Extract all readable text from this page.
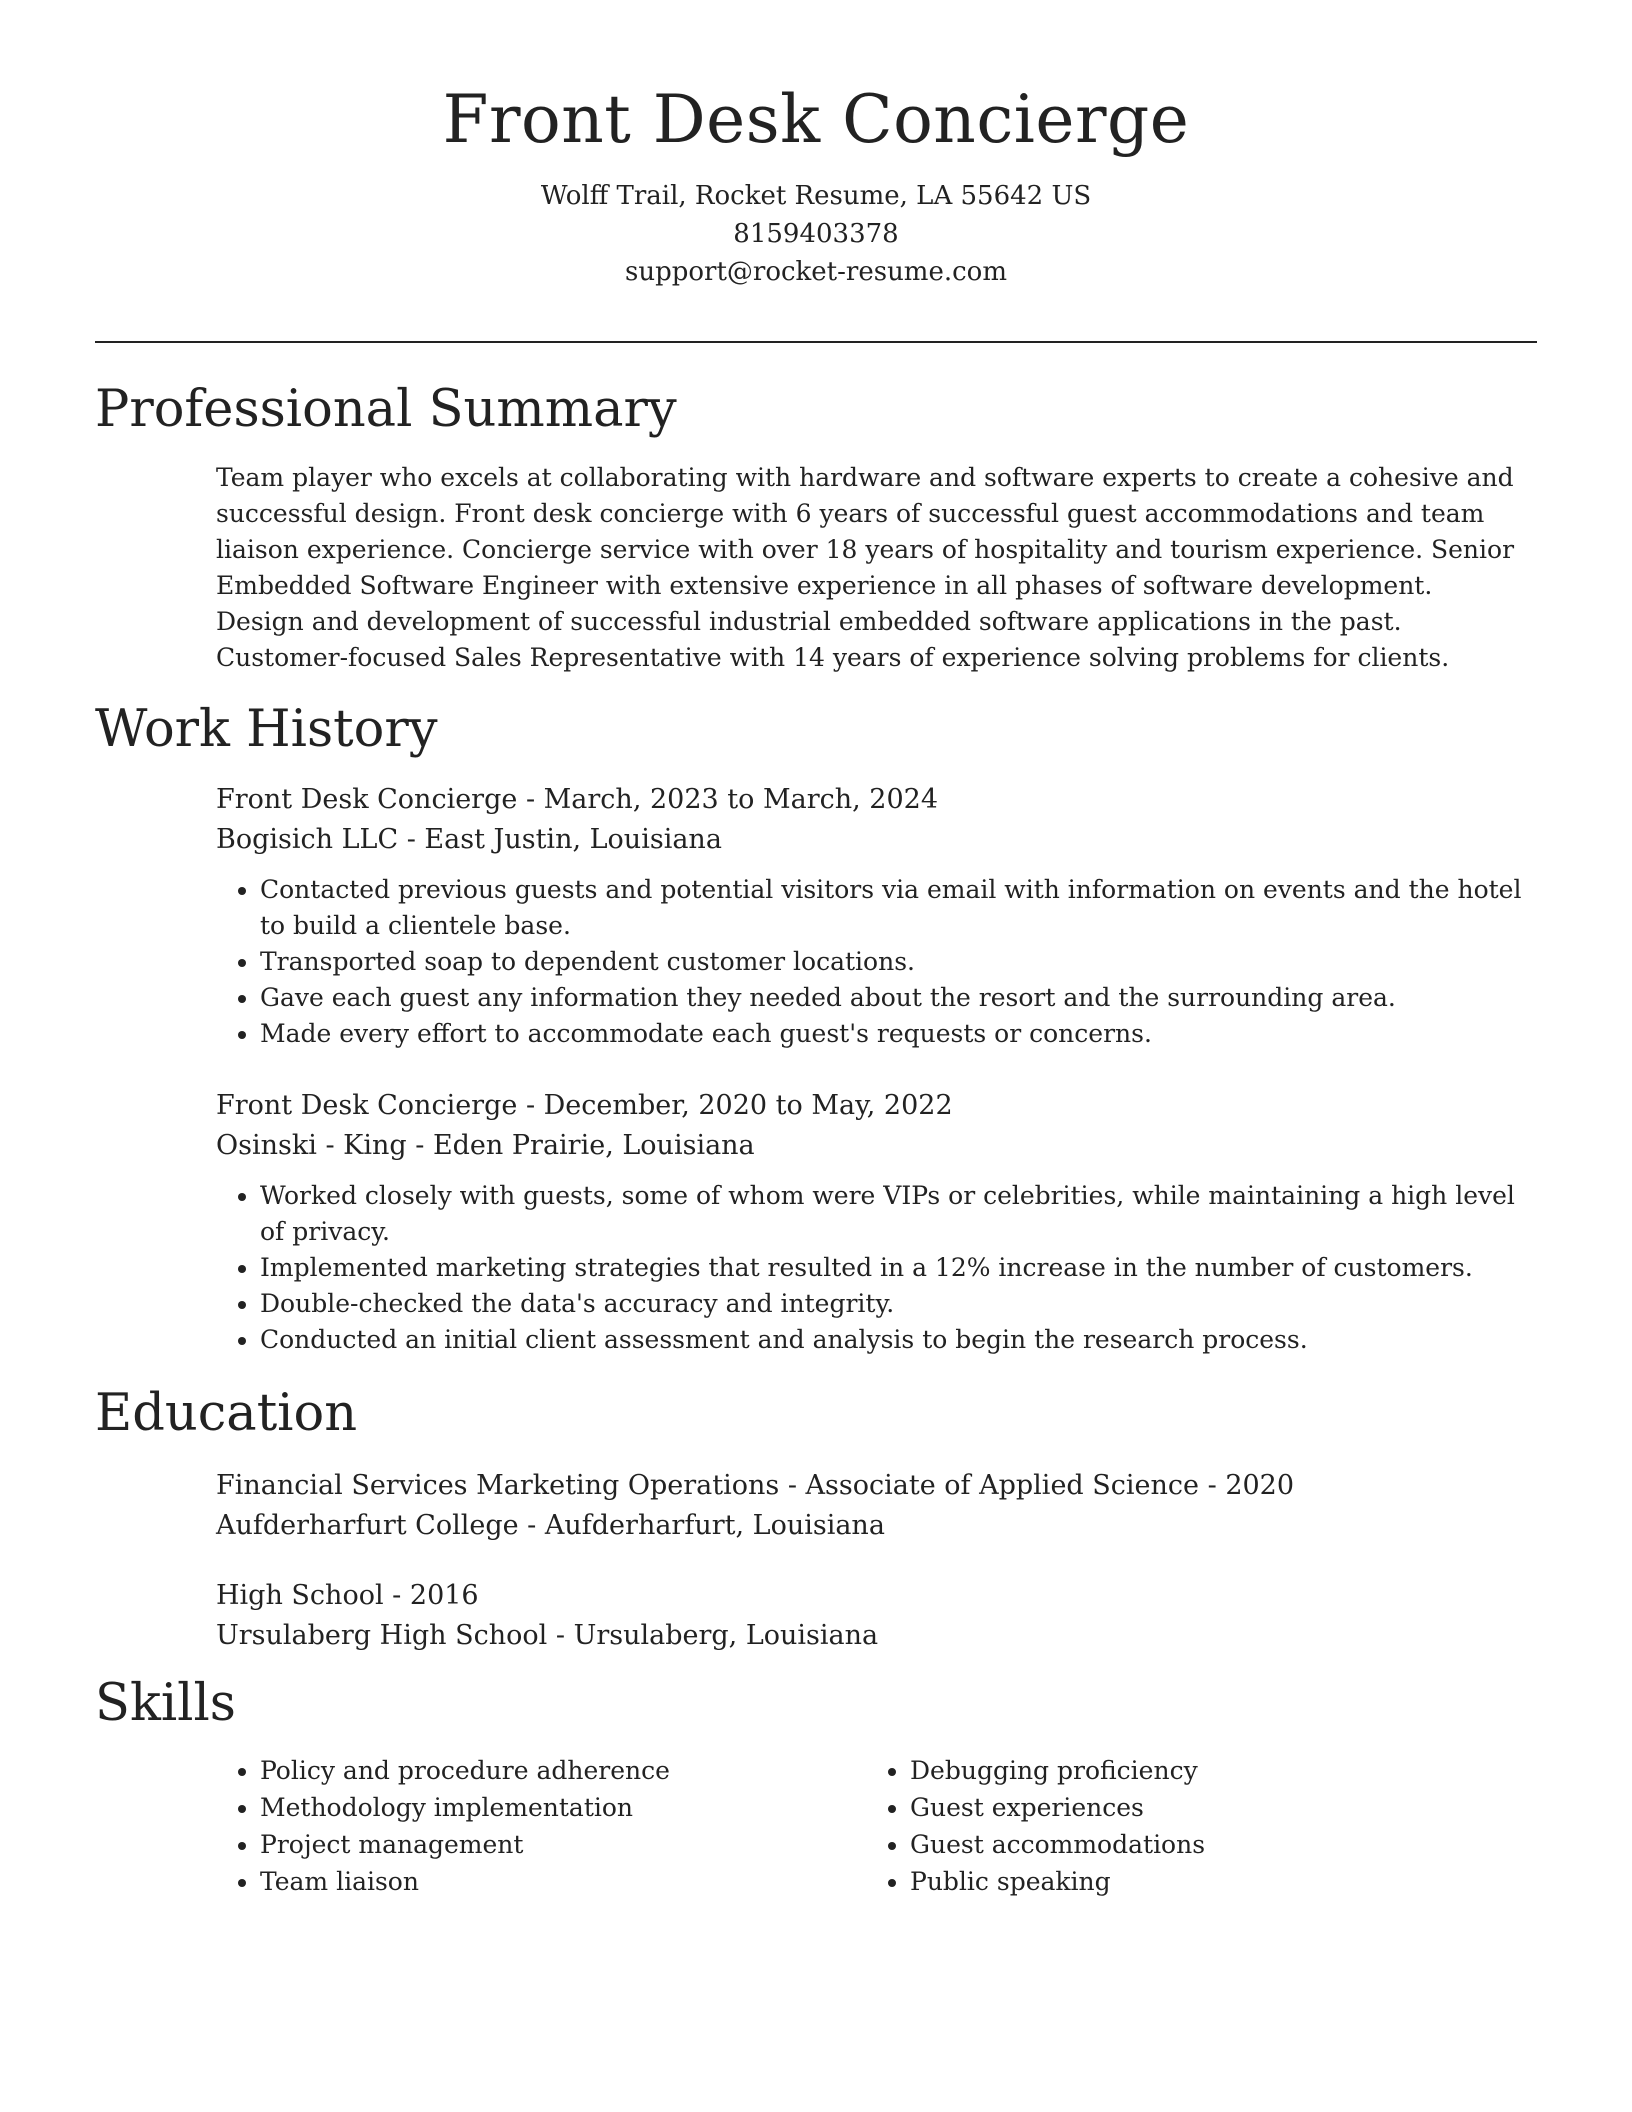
Front Desk Concierge
Wolff Trail, Rocket Resume, LA 55642 US
8159403378
support@rocket-resume.com
Professional Summary

Team player who excels at collaborating with hardware and software experts to create a cohesive and successful design. Front desk concierge with 6 years of successful guest accommodations and team liaison experience. Concierge service with over 18 years of hospitality and tourism experience. Senior Embedded Software Engineer with extensive experience in all phases of software development. Design and development of successful industrial embedded software applications in the past. Customer-focused Sales Representative with 14 years of experience solving problems for clients.

Work History
Front Desk Concierge - March, 2023 to March, 2024
Bogisich LLC - East Justin, Louisiana
• Contacted previous guests and potential visitors via email with information on events and the hotel to build a clientele base.
• Transported soap to dependent customer locations.
• Gave each guest any information they needed about the resort and the surrounding area.
• Made every effort to accommodate each guest's requests or concerns.
Front Desk Concierge - December, 2020 to May, 2022
Osinski - King - Eden Prairie, Louisiana
• Worked closely with guests, some of whom were VIPs or celebrities, while maintaining a high level of privacy.
• Implemented marketing strategies that resulted in a 12% increase in the number of customers.
• Double-checked the data's accuracy and integrity.
• Conducted an initial client assessment and analysis to begin the research process.
Education
Financial Services Marketing Operations - Associate of Applied Science - 2020
Aufderharfurt College - Aufderharfurt, Louisiana
High School - 2016
Ursulaberg High School - Ursulaberg, Louisiana
Skills
• Policy and procedure adherence
• Methodology implementation
• Project management
• Team liaison
• Debugging proficiency
• Guest experiences
• Guest accommodations
• Public speaking
